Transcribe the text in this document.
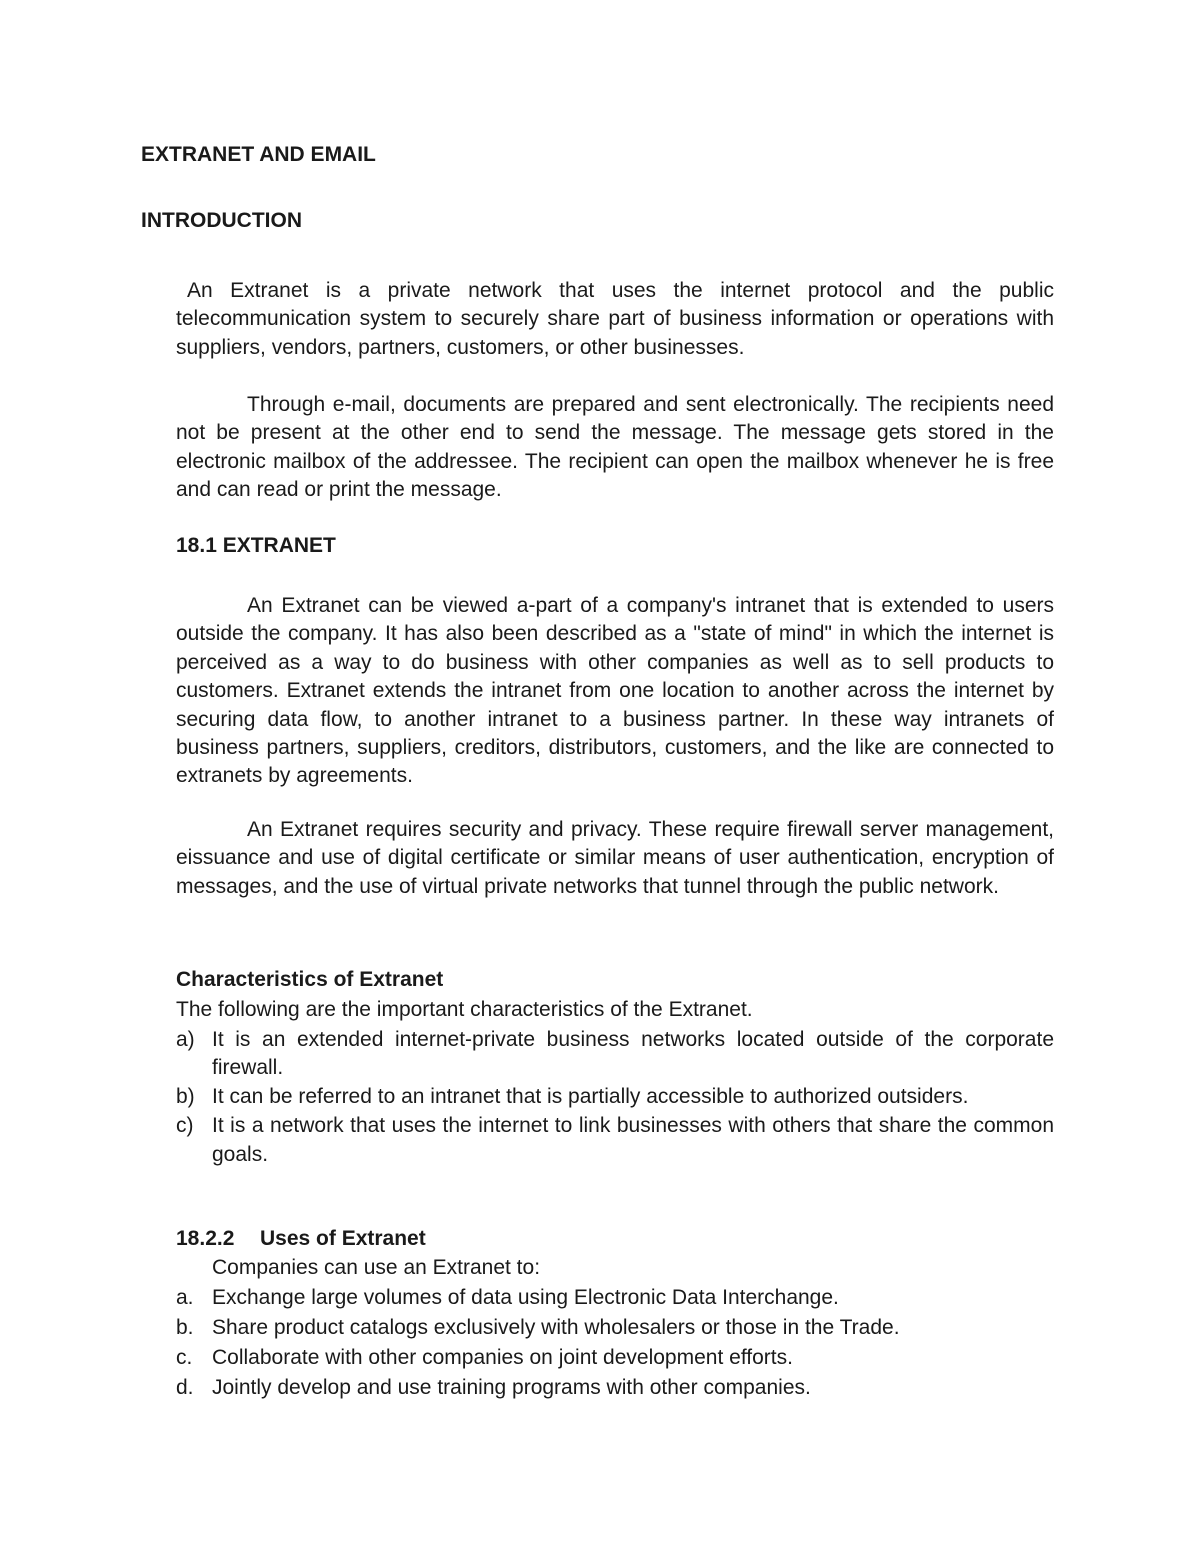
EXTRANET AND EMAIL
INTRODUCTION

An Extranet is a private network that uses the internet protocol and the public telecommunication system to securely share part of business information or operations with suppliers, vendors, partners, customers, or other businesses.

Through e-mail, documents are prepared and sent electronically. The recipients need not be present at the other end to send the message. The message gets stored in the electronic mailbox of the addressee. The recipient can open the mailbox whenever he is free and can read or print the message.

18.1 EXTRANET

An Extranet can be viewed a-part of a company's intranet that is extended to users outside the company. It has also been described as a "state of mind" in which the internet is perceived as a way to do business with other companies as well as to sell products to customers. Extranet extends the intranet from one location to another across the internet by securing data flow, to another intranet to a business partner. In these way intranets of business partners, suppliers, creditors, distributors, customers, and the like are connected to extranets by agreements.

An Extranet requires security and privacy. These require firewall server management, eissuance and use of digital certificate or similar means of user authentication, encryption of messages, and the use of virtual private networks that tunnel through the public network.

Characteristics of Extranet

The following are the important characteristics of the Extranet.

a) It is an extended internet-private business networks located outside of the corporate firewall.
b) It can be referred to an intranet that is partially accessible to authorized outsiders.
c) It is a network that uses the internet to link businesses with others that share the common goals.
18.2.2 Uses of Extranet

Companies can use an Extranet to:

a. Exchange large volumes of data using Electronic Data Interchange.
b. Share product catalogs exclusively with wholesalers or those in the Trade.
c. Collaborate with other companies on joint development efforts.
d. Jointly develop and use training programs with other companies.
